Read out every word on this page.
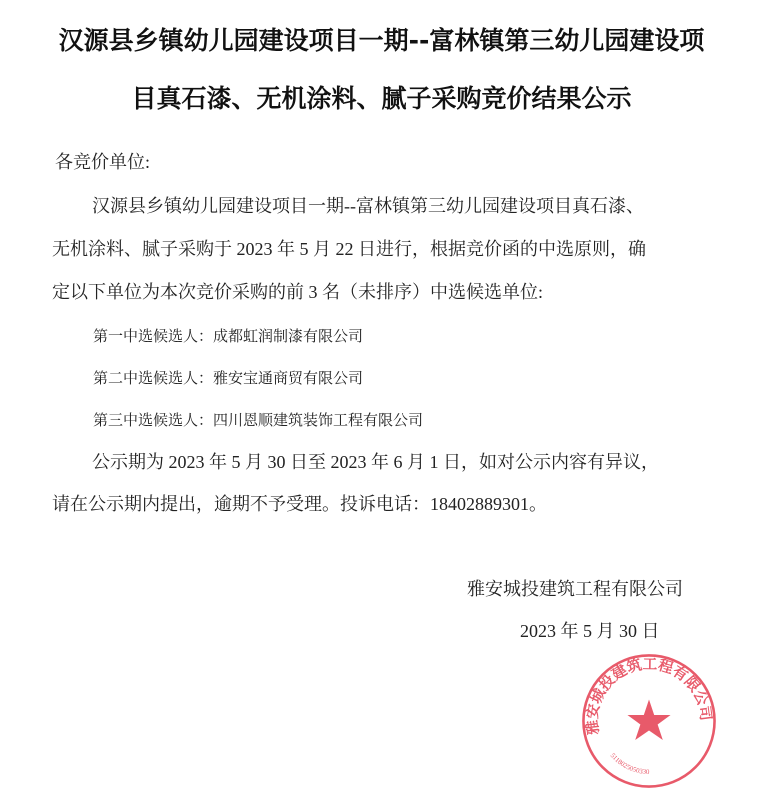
汉源县乡镇幼儿园建设项目一期--富林镇第三幼儿园建设项
目真石漆、无机涂料、腻子采购竞价结果公示
各竞价单位:
汉源县乡镇幼儿园建设项目一期--富林镇第三幼儿园建设项目真石漆、
无机涂料、腻子采购于 2023 年 5 月 22 日进行，根据竞价函的中选原则，确
定以下单位为本次竞价采购的前 3 名（未排序）中选候选单位:
第一中选候选人：成都虹润制漆有限公司
第二中选候选人：雅安宝通商贸有限公司
第三中选候选人：四川恩顺建筑装饰工程有限公司
公示期为 2023 年 5 月 30 日至 2023 年 6 月 1 日，如对公示内容有异议，
请在公示期内提出，逾期不予受理。投诉电话：18402889301。
雅安城投建筑工程有限公司
2023 年 5 月 30 日
雅安城投建筑工程有限公司
5118025050330
